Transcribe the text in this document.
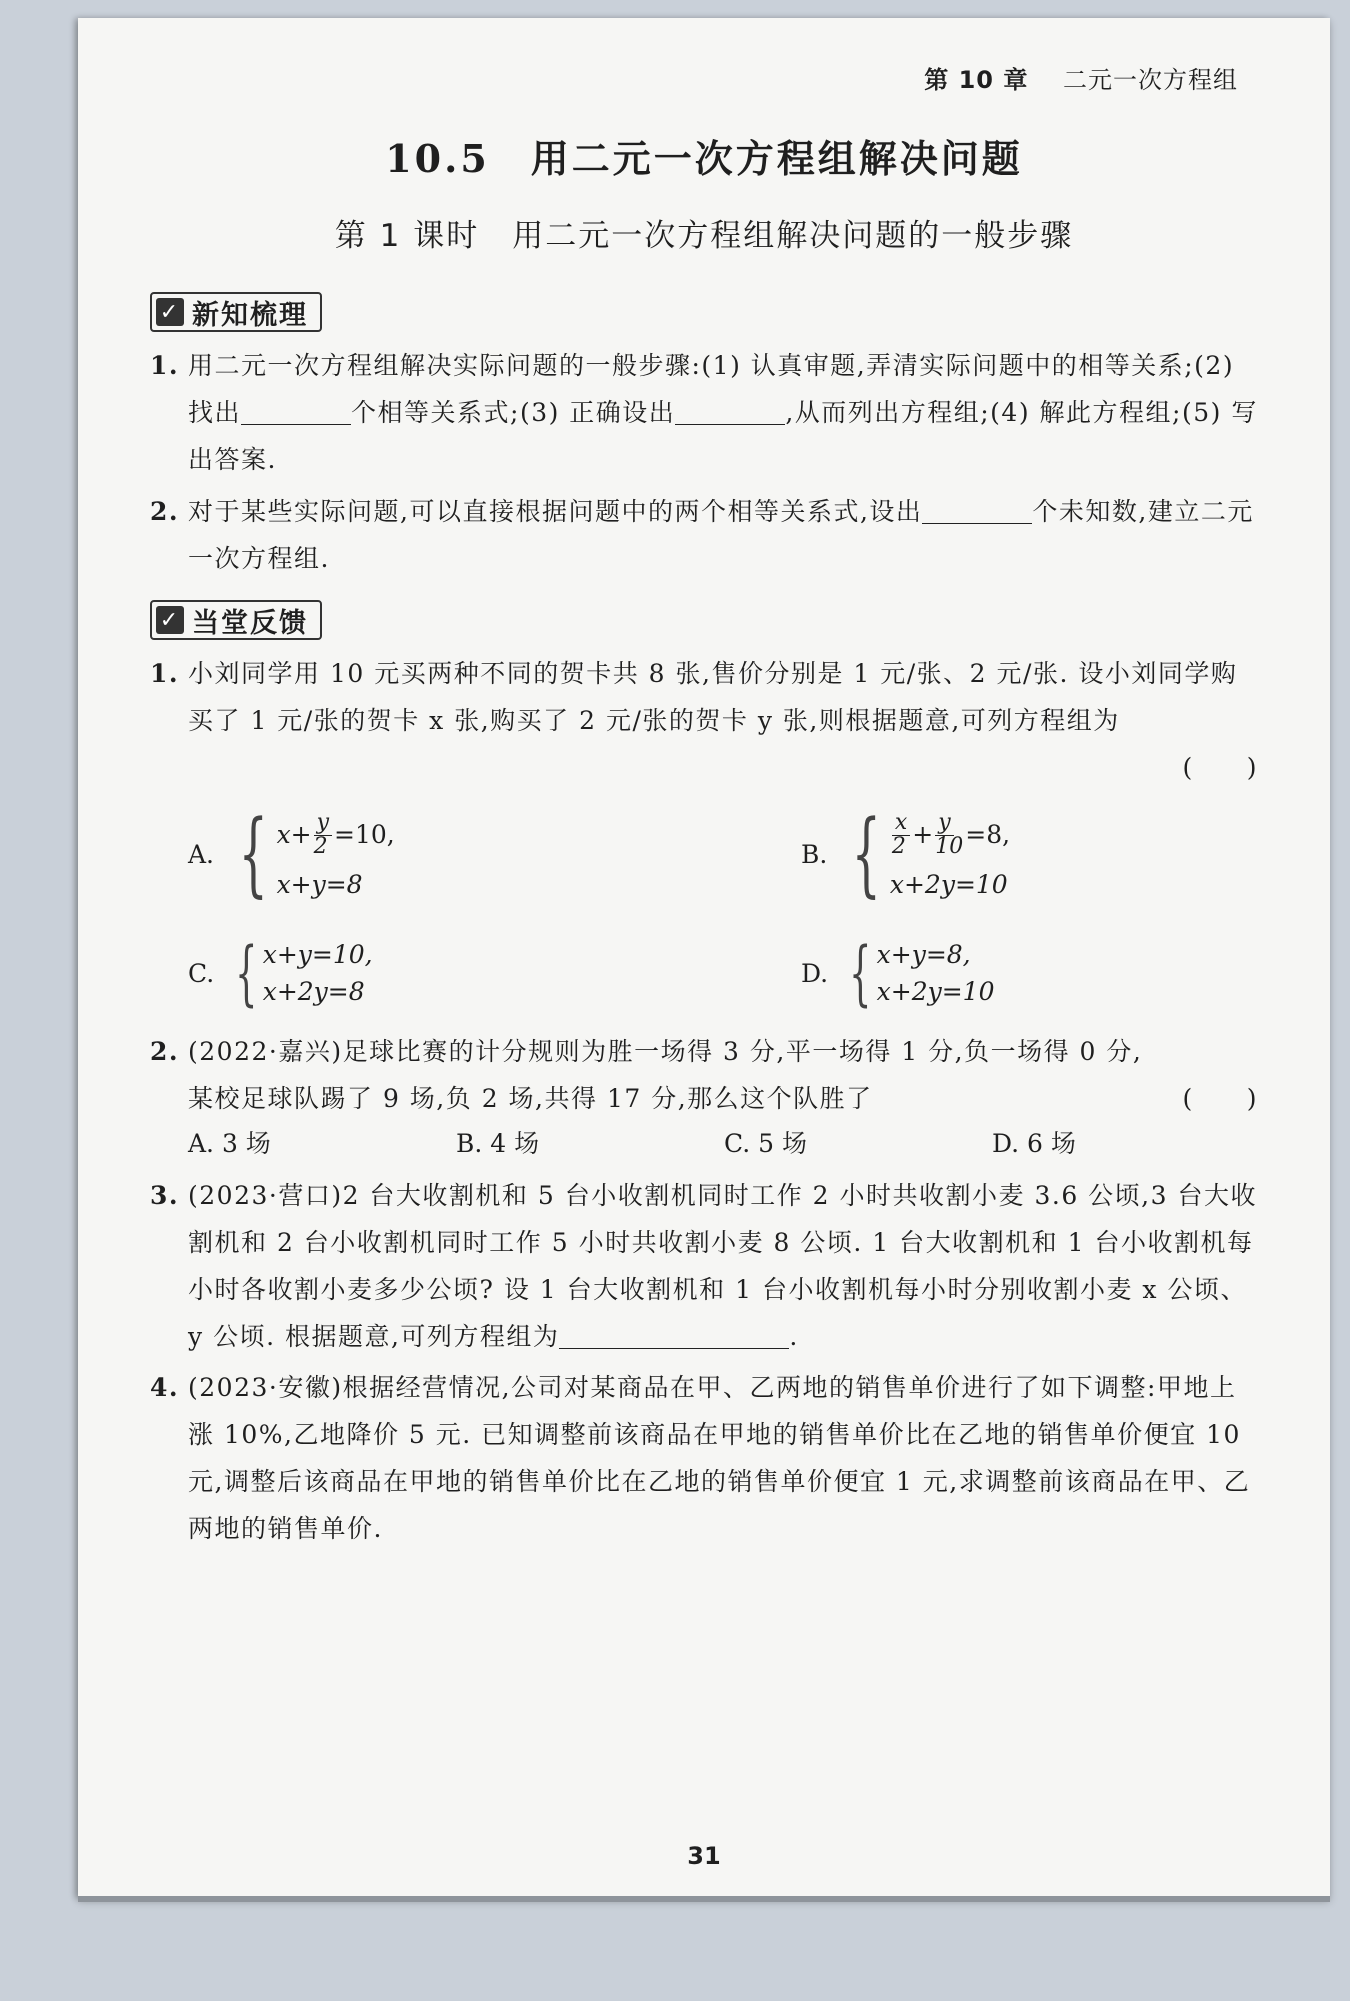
第 10 章 二元一次方程组
10.5　用二元一次方程组解决问题
第 1 课时　用二元一次方程组解决问题的一般步骤
✓ 新知梳理
1. 用二元一次方程组解决实际问题的一般步骤:(1) 认真审题,弄清实际问题中的相等关系;(2) 找出	个相等关系式;(3) 正确设出	,从而列出方程组;(4) 解此方程组;(5) 写出答案.
2. 对于某些实际问题,可以直接根据问题中的两个相等关系式,设出	个未知数,建立二元一次方程组.
✓ 当堂反馈
1. 小刘同学用 10 元买两种不同的贺卡共 8 张,售价分别是 1 元/张、2 元/张. 设小刘同学购买了 1 元/张的贺卡 x 张,购买了 2 元/张的贺卡 y 张,则根据题意,可列方程组为
(　　)
A. { $x+ \frac{y}{2} =10$,
x+y=8
B. { $\frac{x}{2} + \frac{y}{10} =8$,
x+2y=10
C. { x+y=10,
x+2y=8
D. { x+y=8,
x+2y=10
2. (2022·嘉兴)足球比赛的计分规则为胜一场得 3 分,平一场得 1 分,负一场得 0 分,某校足球队踢了 9 场,负 2 场,共得 17 分,那么这个队胜了	(　　)
A. 3 场	B. 4 场	C. 5 场	D. 6 场
3. (2023·营口)2 台大收割机和 5 台小收割机同时工作 2 小时共收割小麦 3.6 公顷,3 台大收割机和 2 台小收割机同时工作 5 小时共收割小麦 8 公顷. 1 台大收割机和 1 台小收割机每小时各收割小麦多少公顷? 设 1 台大收割机和 1 台小收割机每小时分别收割小麦 x 公顷、y 公顷. 根据题意,可列方程组为	.
4. (2023·安徽)根据经营情况,公司对某商品在甲、乙两地的销售单价进行了如下调整:甲地上涨 10%,乙地降价 5 元. 已知调整前该商品在甲地的销售单价比在乙地的销售单价便宜 10 元,调整后该商品在甲地的销售单价比在乙地的销售单价便宜 1 元,求调整前该商品在甲、乙两地的销售单价.
31
